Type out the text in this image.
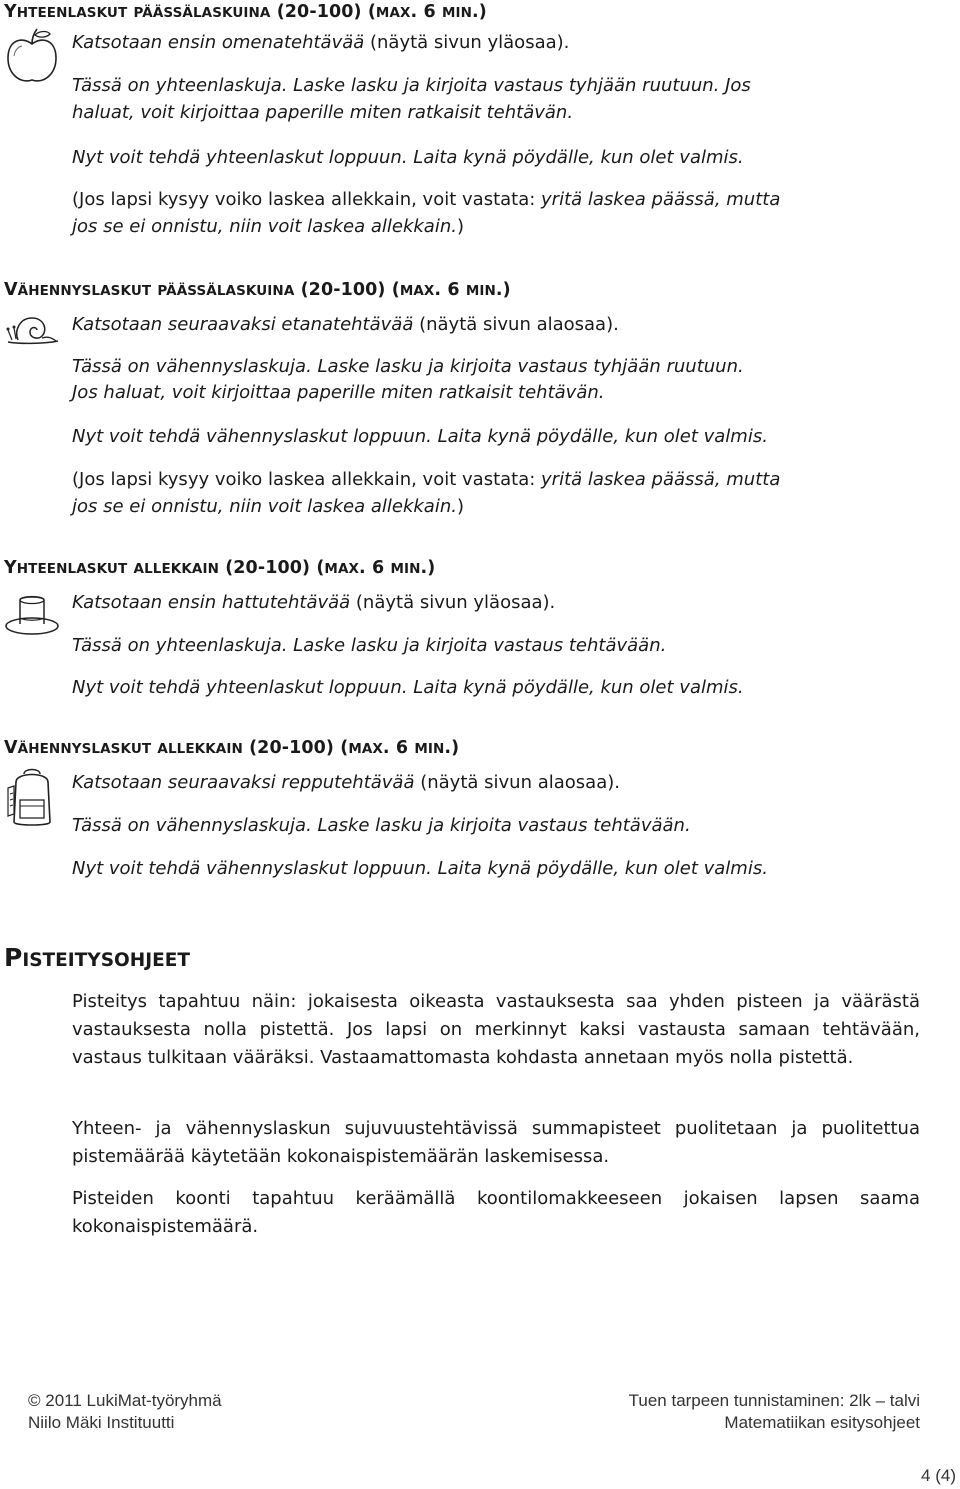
YHTEENLASKUT PÄÄSSÄLASKUINA (20-100) (MAX. 6 MIN.)
Katsotaan ensin omenatehtävää (näytä sivun yläosaa).
Tässä on yhteenlaskuja. Laske lasku ja kirjoita vastaus tyhjään ruutuun. Jos
haluat, voit kirjoittaa paperille miten ratkaisit tehtävän.
Nyt voit tehdä yhteenlaskut loppuun. Laita kynä pöydälle, kun olet valmis.
(Jos lapsi kysyy voiko laskea allekkain, voit vastata: yritä laskea päässä, mutta
jos se ei onnistu, niin voit laskea allekkain.)
VÄHENNYSLASKUT PÄÄSSÄLASKUINA (20-100) (MAX. 6 MIN.)
Katsotaan seuraavaksi etanatehtävää (näytä sivun alaosaa).
Tässä on vähennyslaskuja. Laske lasku ja kirjoita vastaus tyhjään ruutuun.
Jos haluat, voit kirjoittaa paperille miten ratkaisit tehtävän.
Nyt voit tehdä vähennyslaskut loppuun. Laita kynä pöydälle, kun olet valmis.
(Jos lapsi kysyy voiko laskea allekkain, voit vastata: yritä laskea päässä, mutta
jos se ei onnistu, niin voit laskea allekkain.)
YHTEENLASKUT ALLEKKAIN (20-100) (MAX. 6 MIN.)
Katsotaan ensin hattutehtävää (näytä sivun yläosaa).
Tässä on yhteenlaskuja. Laske lasku ja kirjoita vastaus tehtävään.
Nyt voit tehdä yhteenlaskut loppuun. Laita kynä pöydälle, kun olet valmis.
VÄHENNYSLASKUT ALLEKKAIN (20-100) (MAX. 6 MIN.)
Katsotaan seuraavaksi repputehtävää (näytä sivun alaosaa).
Tässä on vähennyslaskuja. Laske lasku ja kirjoita vastaus tehtävään.
Nyt voit tehdä vähennyslaskut loppuun. Laita kynä pöydälle, kun olet valmis.
PISTEITYSOHJEET
Pisteitys tapahtuu näin: jokaisesta oikeasta vastauksesta saa yhden pisteen ja väärästä vastauksesta nolla pistettä. Jos lapsi on merkinnyt kaksi vastausta samaan tehtävään, vastaus tulkitaan vääräksi. Vastaamattomasta kohdasta annetaan myös nolla pistettä.
Yhteen- ja vähennyslaskun sujuvuustehtävissä summapisteet puolitetaan ja puolitettua pistemäärää käytetään kokonaispistemäärän laskemisessa.
Pisteiden koonti tapahtuu keräämällä koontilomakkeeseen jokaisen lapsen saama kokonaispistemäärä.
© 2011 LukiMat-työryhmä
Niilo Mäki Instituutti
Tuen tarpeen tunnistaminen: 2lk – talvi
Matematiikan esitysohjeet
4 (4)
